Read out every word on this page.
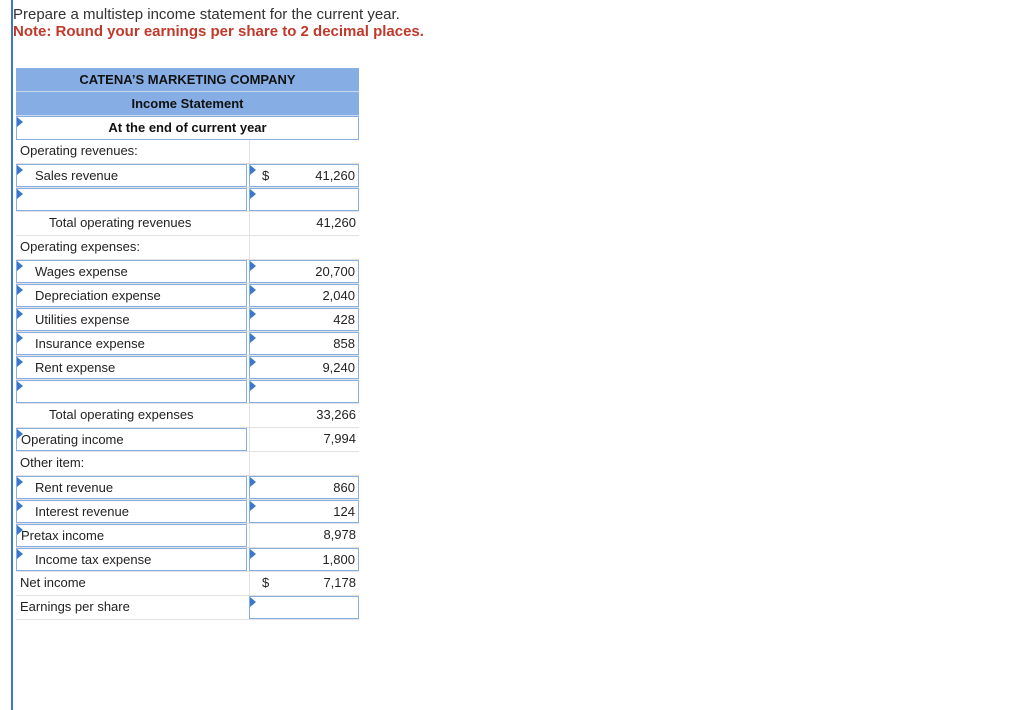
Prepare a multistep income statement for the current year.
Note: Round your earnings per share to 2 decimal places.
CATENA’S MARKETING COMPANY
Income Statement
At the end of current year
Operating revenues:
Sales revenue	$	41,260
Total operating revenues	41,260
Operating expenses:
Wages expense	20,700
Depreciation expense	2,040
Utilities expense	428
Insurance expense	858
Rent expense	9,240
Total operating expenses	33,266
Operating income	7,994
Other item:
Rent revenue	860
Interest revenue	124
Pretax income	8,978
Income tax expense	1,800
Net income	$	7,178
Earnings per share
